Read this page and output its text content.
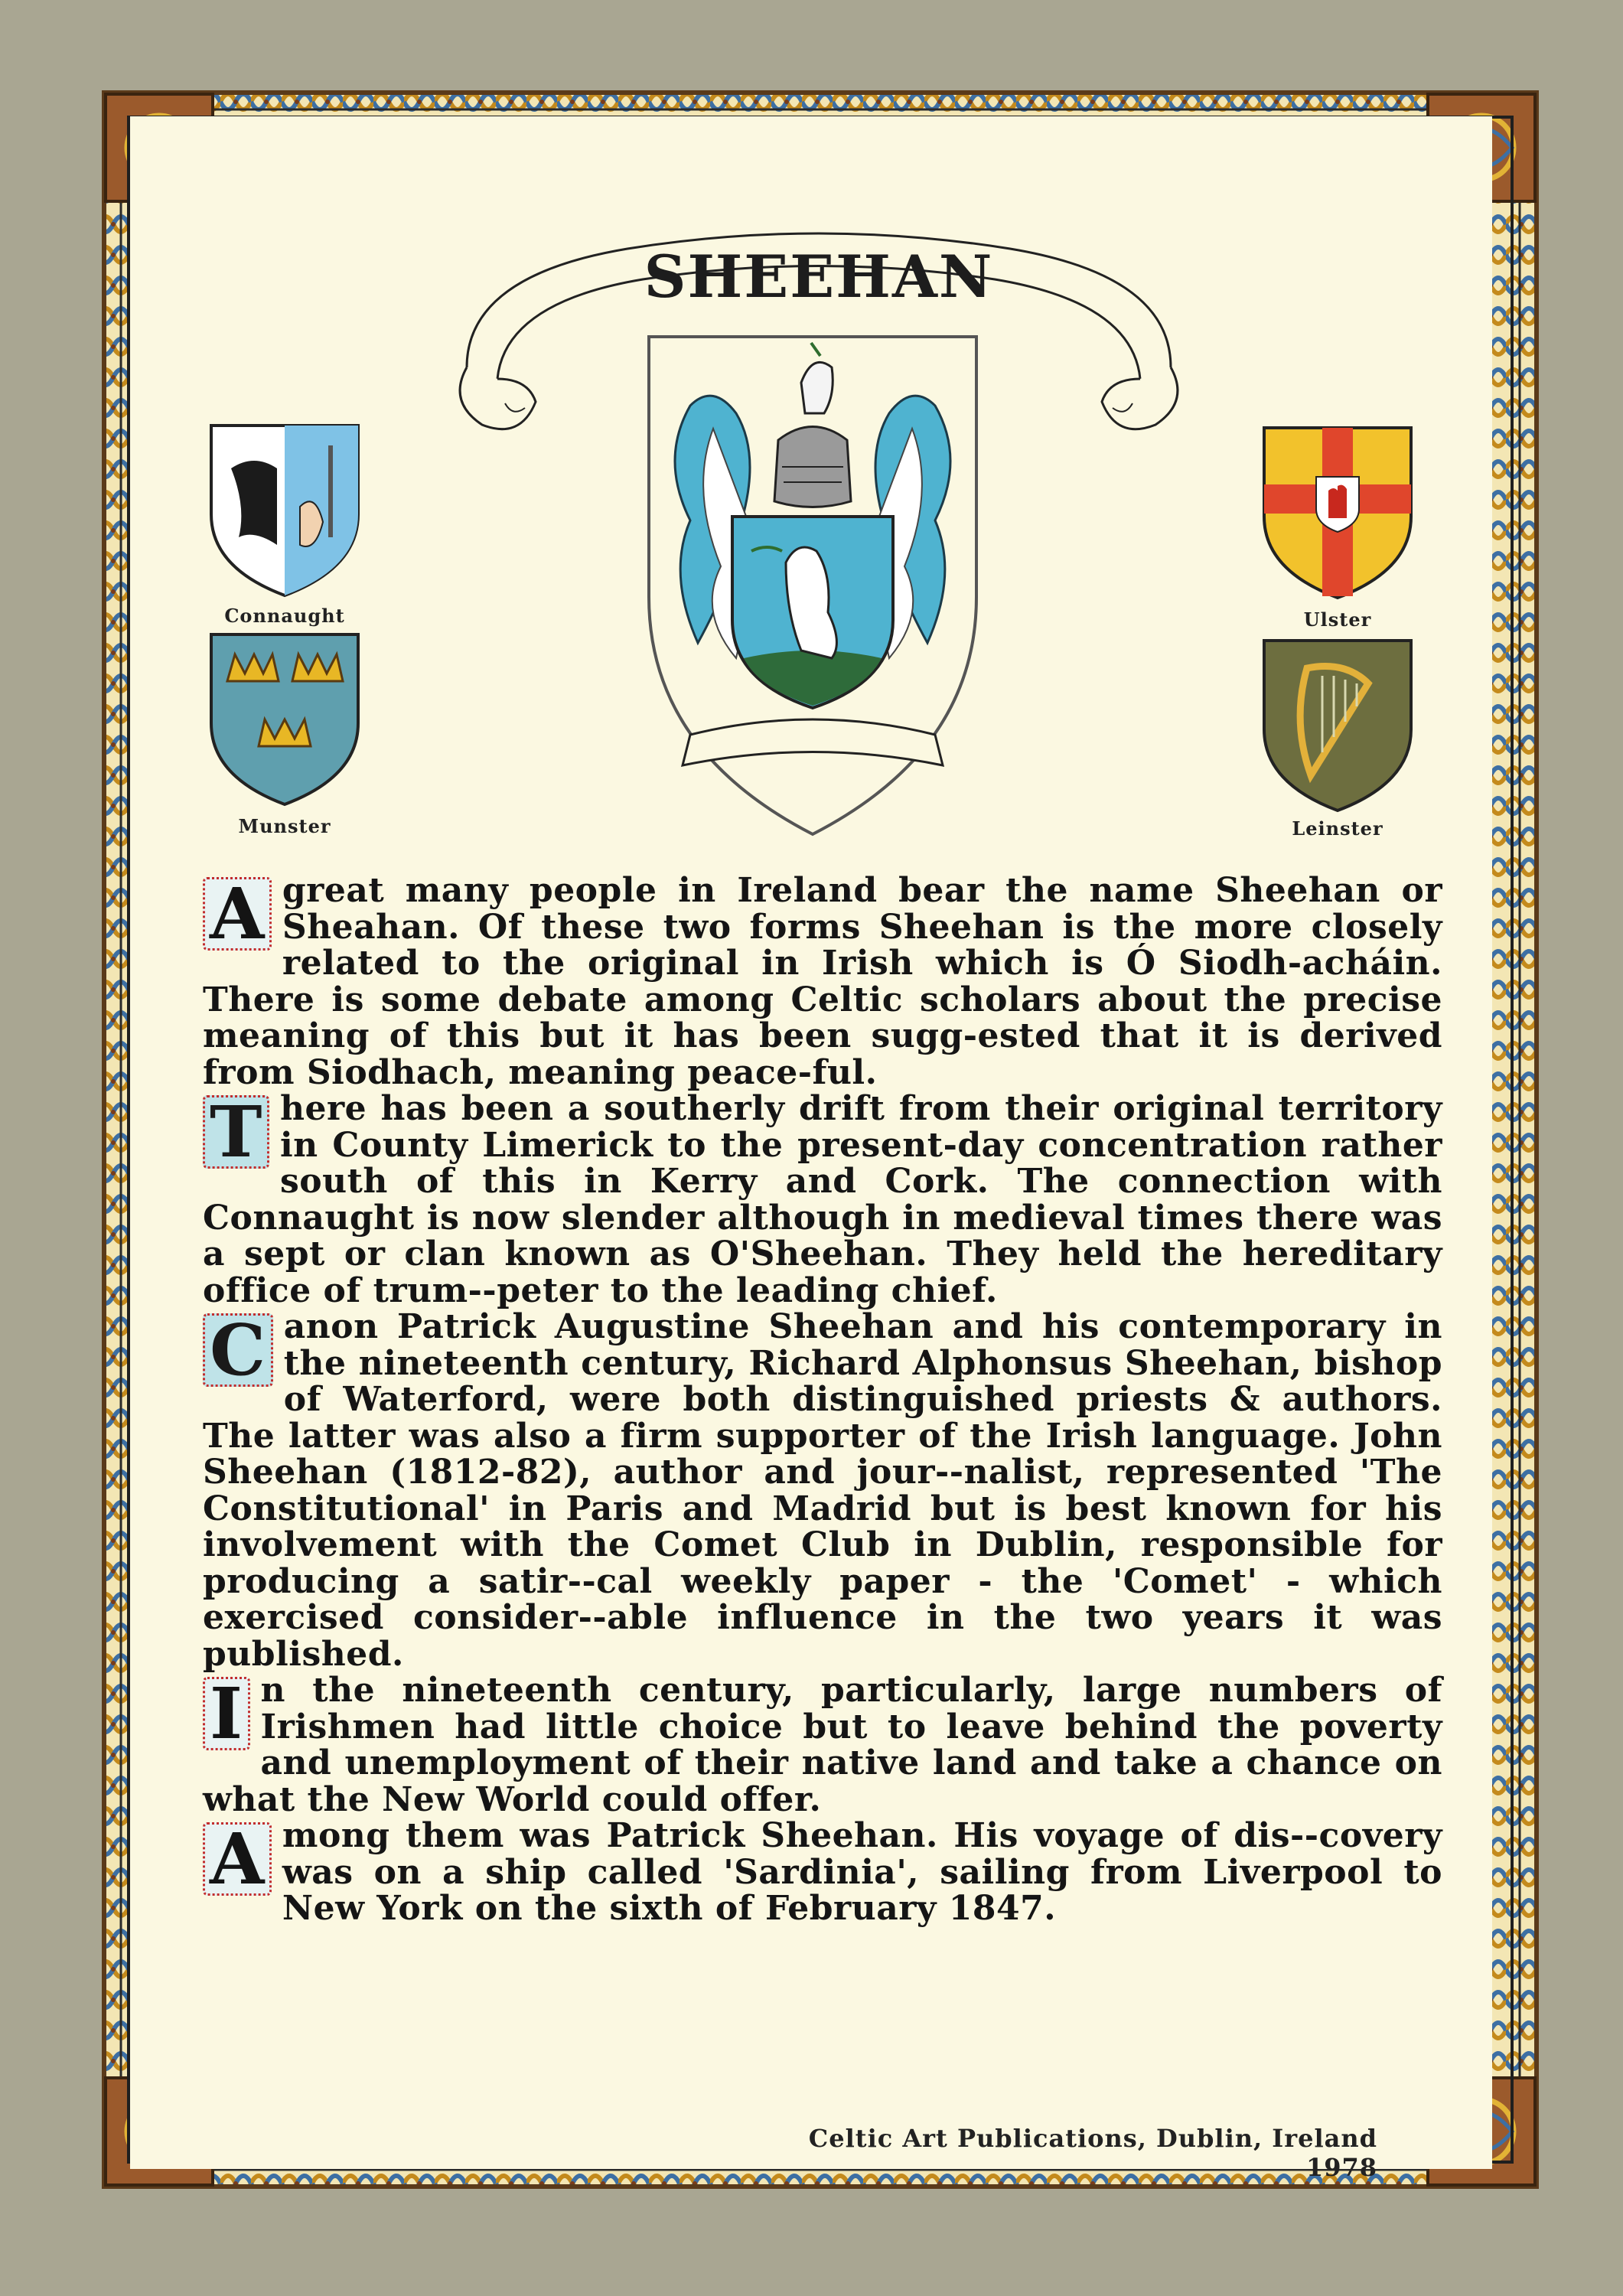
sheehan
Connaught
Munster
Ulster
Leinster

A great many people in Ireland bear the name Sheehan or Sheahan. Of these two forms Sheehan is the more closely related to the original in Irish which is Ó Siodh-acháin. There is some debate among Celtic scholars about the precise meaning of this but it has been sugg-ested that it is derived from Siodhach, meaning peace-ful.

T here has been a southerly drift from their original territory in County Limerick to the present-day concentration rather south of this in Kerry and Cork. The connection with Connaught is now slender although in medieval times there was a sept or clan known as O'Sheehan. They held the hereditary office of trum--peter to the leading chief.

C anon Patrick Augustine Sheehan and his contemporary in the nineteenth century, Richard Alphonsus Sheehan, bishop of Waterford, were both distinguished priests & authors. The latter was also a firm supporter of the Irish language. John Sheehan (1812-82), author and jour--nalist, represented 'The Constitutional' in Paris and Madrid but is best known for his involvement with the Comet Club in Dublin, responsible for producing a satir--cal weekly paper - the 'Comet' - which exercised consider--able influence in the two years it was published.

I n the nineteenth century, particularly, large numbers of Irishmen had little choice but to leave behind the poverty and unemployment of their native land and take a chance on what the New World could offer.

A mong them was Patrick Sheehan. His voyage of dis--covery was on a ship called 'Sardinia', sailing from Liverpool to New York on the sixth of February 1847.

Celtic Art Publications, Dublin, Ireland 1978
